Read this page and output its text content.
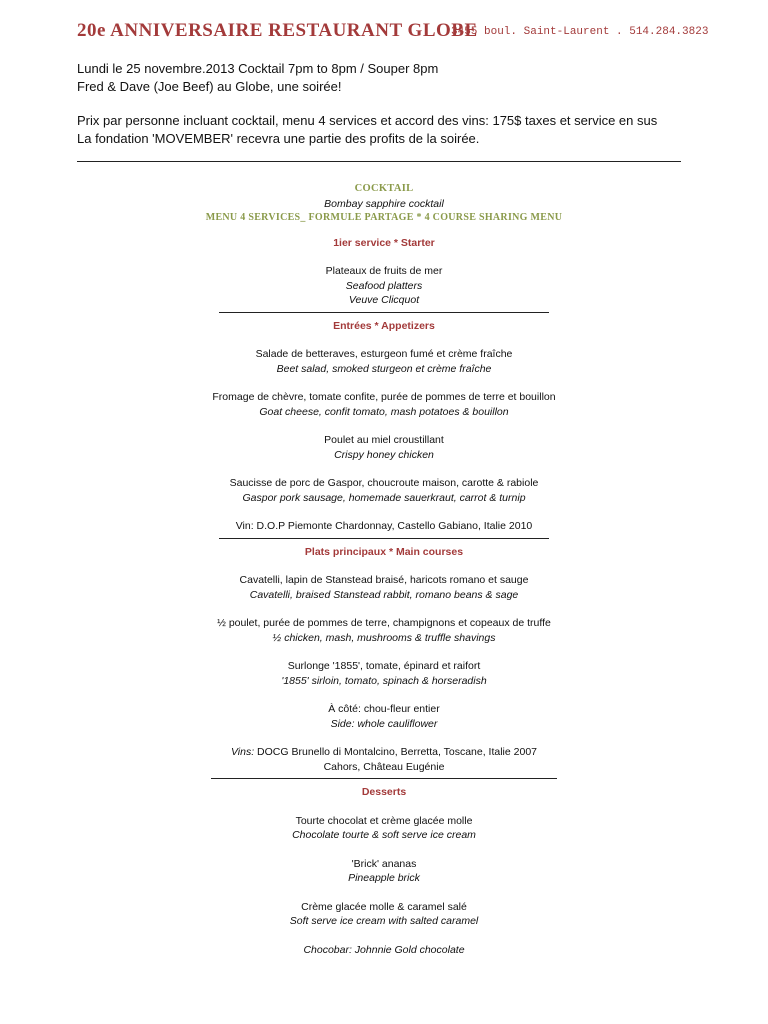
20e ANNIVERSAIRE RESTAURANT GLOBE
3455 boul. Saint-Laurent . 514.284.3823

Lundi le 25 novembre.2013 Cocktail 7pm to 8pm / Souper 8pm

Fred & Dave (Joe Beef) au Globe, une soirée!

Prix par personne incluant cocktail, menu 4 services et accord des vins: 175$ taxes et service en sus

La fondation 'MOVEMBER' recevra une partie des profits de la soirée.

COCKTAIL
Bombay sapphire cocktail
MENU 4 SERVICES_ FORMULE PARTAGE * 4 COURSE SHARING MENU
1ier service * Starter
Plateaux de fruits de mer
Seafood platters
Veuve Clicquot
Entrées * Appetizers
Salade de betteraves, esturgeon fumé et crème fraîche
Beet salad, smoked sturgeon et crème fraîche
Fromage de chèvre, tomate confite, purée de pommes de terre et bouillon
Goat cheese, confit tomato, mash potatoes & bouillon
Poulet au miel croustillant
Crispy honey chicken
Saucisse de porc de Gaspor, choucroute maison, carotte & rabiole
Gaspor pork sausage, homemade sauerkraut, carrot & turnip
Vin: D.O.P Piemonte Chardonnay, Castello Gabiano, Italie 2010
Plats principaux * Main courses
Cavatelli, lapin de Stanstead braisé, haricots romano et sauge
Cavatelli, braised Stanstead rabbit, romano beans & sage
½ poulet, purée de pommes de terre, champignons et copeaux de truffe
½ chicken, mash, mushrooms & truffle shavings
Surlonge '1855', tomate, épinard et raifort
'1855' sirloin, tomato, spinach & horseradish
À côté: chou-fleur entier
Side: whole cauliflower
Vins: DOCG Brunello di Montalcino, Berretta, Toscane, Italie 2007
Cahors, Château Eugénie
Desserts
Tourte chocolat et crème glacée molle
Chocolate tourte & soft serve ice cream
'Brick' ananas
Pineapple brick
Crème glacée molle & caramel salé
Soft serve ice cream with salted caramel
Chocobar: Johnnie Gold chocolate
